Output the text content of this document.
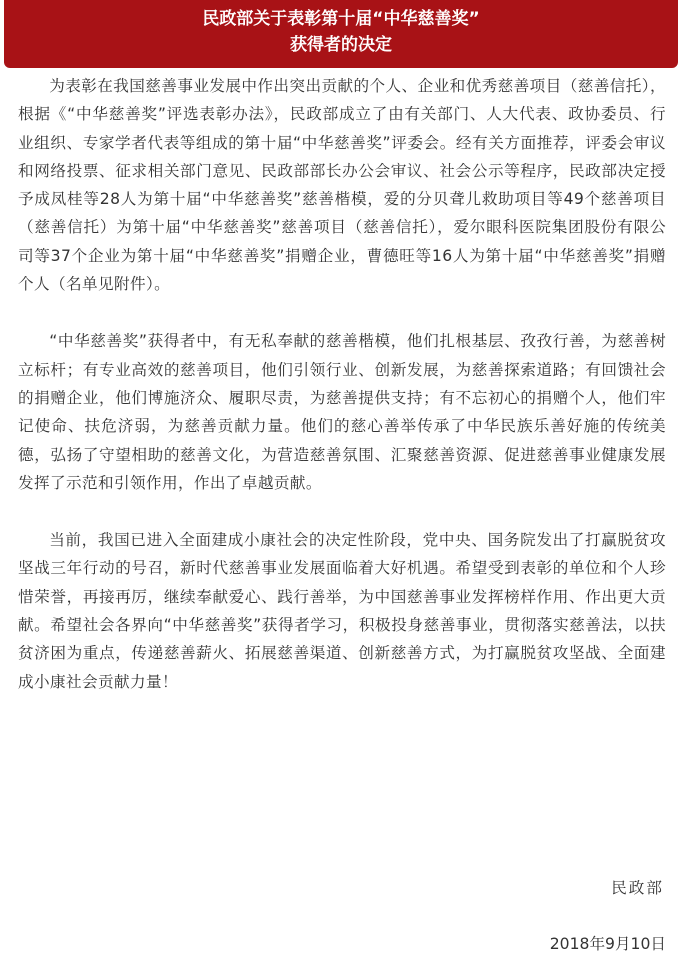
民政部关于表彰第十届“中华慈善奖”
获得者的决定

为表彰在我国慈善事业发展中作出突出贡献的个人、企业和优秀慈善项目（慈善信托），根据《“中华慈善奖”评选表彰办法》，民政部成立了由有关部门、人大代表、政协委员、行业组织、专家学者代表等组成的第十届“中华慈善奖”评委会。经有关方面推荐，评委会审议和网络投票、征求相关部门意见、民政部部长办公会审议、社会公示等程序，民政部决定授予成凤桂等28人为第十届“中华慈善奖”慈善楷模，爱的分贝聋儿救助项目等49个慈善项目（慈善信托）为第十届“中华慈善奖”慈善项目（慈善信托），爱尔眼科医院集团股份有限公司等37个企业为第十届“中华慈善奖”捐赠企业，曹德旺等16人为第十届“中华慈善奖”捐赠个人（名单见附件）。

“中华慈善奖”获得者中，有无私奉献的慈善楷模，他们扎根基层、孜孜行善，为慈善树立标杆；有专业高效的慈善项目，他们引领行业、创新发展，为慈善探索道路；有回馈社会的捐赠企业，他们博施济众、履职尽责，为慈善提供支持；有不忘初心的捐赠个人，他们牢记使命、扶危济弱，为慈善贡献力量。他们的慈心善举传承了中华民族乐善好施的传统美德，弘扬了守望相助的慈善文化，为营造慈善氛围、汇聚慈善资源、促进慈善事业健康发展发挥了示范和引领作用，作出了卓越贡献。

当前，我国已进入全面建成小康社会的决定性阶段，党中央、国务院发出了打赢脱贫攻坚战三年行动的号召，新时代慈善事业发展面临着大好机遇。希望受到表彰的单位和个人珍惜荣誉，再接再厉，继续奉献爱心、践行善举，为中国慈善事业发挥榜样作用、作出更大贡献。希望社会各界向“中华慈善奖”获得者学习，积极投身慈善事业，贯彻落实慈善法，以扶贫济困为重点，传递慈善薪火、拓展慈善渠道、创新慈善方式，为打赢脱贫攻坚战、全面建成小康社会贡献力量！

民政部
2018年9月10日
